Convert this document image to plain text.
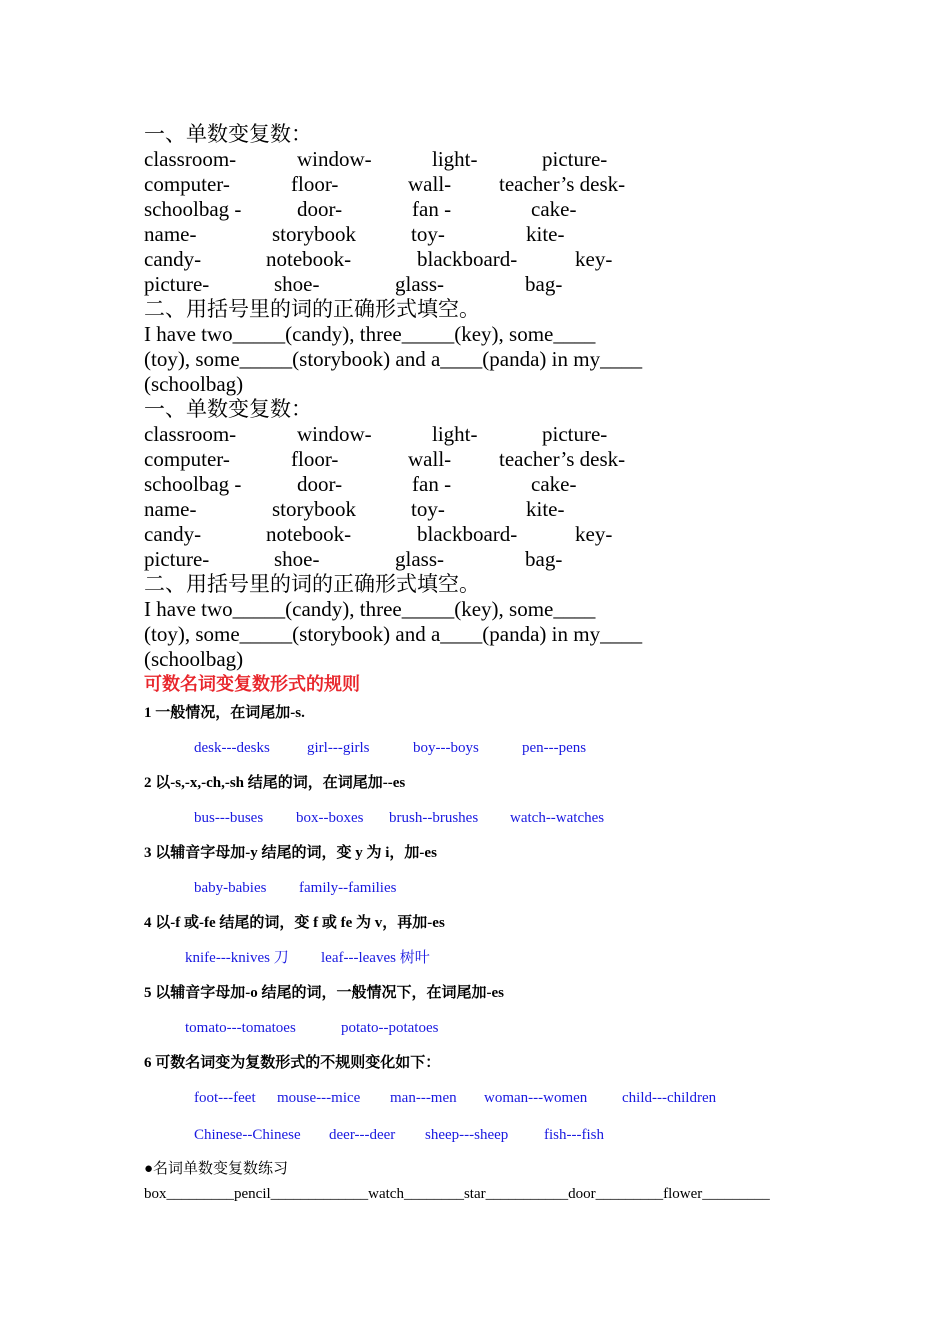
一、单数变复数：
classroom-	window-	light-	picture-
computer-	floor-	wall- teacher’s desk-
schoolbag -	door-	fan -	cake-
name-	storybook	toy-	kite-
candy-	notebook-	blackboard-	key-
picture-	shoe-	glass-	bag-
二、用括号里的词的正确形式填空。
I have two_____(candy), three_____(key), some____
(toy), some_____(storybook) and a____(panda) in my____
(schoolbag)
一、单数变复数：
classroom-	window-	light-	picture-
computer-	floor-	wall- teacher’s desk-
schoolbag -	door-	fan -	cake-
name-	storybook	toy-	kite-
candy-	notebook-	blackboard-	key-
picture-	shoe-	glass-	bag-
二、用括号里的词的正确形式填空。
I have two_____(candy), three_____(key), some____
(toy), some_____(storybook) and a____(panda) in my____
(schoolbag)
可数名词变复数形式的规则
1 一般情况，在词尾加-s.
desk---desks girl---girls	boy---boys	pen---pens
2 以-s,-x,-ch,-sh 结尾的词，在词尾加--es
bus---buses box--boxes brush--brushes watch--watches
3 以辅音字母加-y 结尾的词，变 y 为 i，加-es
baby-babies family--families
4 以-f 或-fe 结尾的词，变 f 或 fe 为 v，再加-es
knife---knives 刀 leaf---leaves 树叶
5 以辅音字母加-o 结尾的词，一般情况下，在词尾加-es
tomato---tomatoes	potato--potatoes
6 可数名词变为复数形式的不规则变化如下：
foot---feet mouse---mice man---men woman---women child---children
Chinese--Chinese deer---deer sheep---sheep fish---fish
●名词单数变复数练习
box_________pencil_____________watch________star___________door_________flower_________
